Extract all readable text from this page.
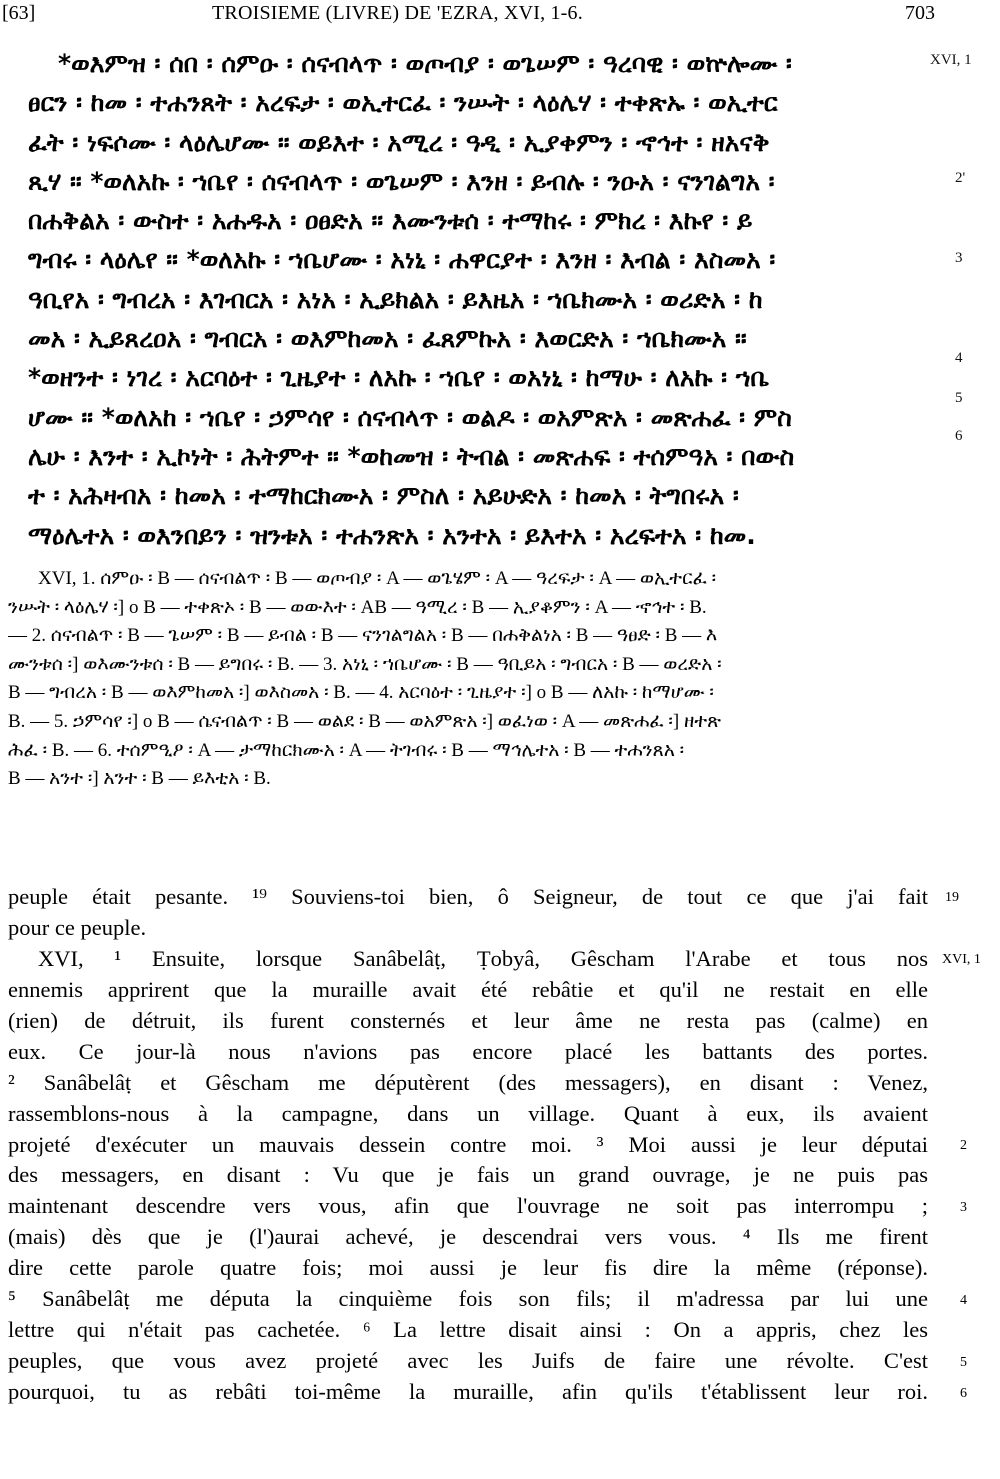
[63]	TROISIEME (LIVRE) DE 'EZRA, XVI, 1-6.	703
*ወእምዝ ፡ ሰበ ፡ ሰምዑ ፡ ሰናብላጥ ፡ ወጦብያ ፡ ወጌሠም ፡ ዓረባዊ ፡ ወኵሎሙ ፡
ፀርን ፡ ከመ ፡ ተሐንጸት ፡ አረፍታ ፡ ወኢተርፈ ፡ ንሡት ፡ ላዕሌሃ ፡ ተቀጽኡ ፡ ወኢተር
ፈት ፡ ነፍሶሙ ፡ ላዕሌሆሙ ። ወይእተ ፡ አሚረ ፡ ዓዲ ፡ ኢያቀምን ፡ ኆኅተ ፡ ዘአናቅ
ጺሃ ። *ወለአኩ ፡ ኀቤየ ፡ ሰናብላጥ ፡ ወጌሠም ፡ እንዘ ፡ ይብሉ ፡ ንዑአ ፡ ናንገልግአ ፡
በሐቅልአ ፡ ውስተ ፡ አሐዱአ ፡ ዐፀድአ ። እሙንቱሰ ፡ ተማከሩ ፡ ምክረ ፡ እኩየ ፡ ይ
ግብሩ ፡ ላዕሌየ ። *ወለአኩ ፡ ኀቤሆሙ ፡ አነኒ ፡ ሐዋርያተ ፡ እንዘ ፡ እብል ፡ እስመአ ፡
ዓቢየአ ፡ ግብረአ ፡ እገብርአ ፡ አነአ ፡ ኢይክልአ ፡ ይእዜአ ፡ ኀቤክሙአ ፡ ወሪድአ ፡ ከ
መአ ፡ ኢይጸረዐአ ፡ ግብርአ ፡ ወእምከመአ ፡ ፈጸምኩአ ፡ እወርድአ ፡ ኀቤክሙአ ።
*ወዘንተ ፡ ነገረ ፡ አርባዕተ ፡ ጊዜያተ ፡ ለአኩ ፡ ኀቤየ ፡ ወአነኒ ፡ ከማሁ ፡ ለአኩ ፡ ኀቤ
ሆሙ ። *ወለአከ ፡ ኀቤየ ፡ ኃምሳየ ፡ ሰናብላጥ ፡ ወልዶ ፡ ወአምጽአ ፡ መጽሐፈ ፡ ምስ
ሌሁ ፡ እንተ ፡ ኢኮነት ፡ ሕትምተ ። *ወከመዝ ፡ ትብል ፡ መጽሐፍ ፡ ተሰምዓአ ፡ በውስ
ተ ፡ አሕዛብአ ፡ ከመአ ፡ ተማከርክሙአ ፡ ምስለ ፡ አይሁድአ ፡ ከመአ ፡ ትግበሩአ ፡
ማዕሌተአ ፡ ወእንበይን ፡ ዝንቱአ ፡ ተሐንጽአ ፡ አንተአ ፡ ይእተአ ፡ አረፍተአ ፡ ከመ.
XVI, 1
2'
3
4
5
6
XVI, 1. ሰምዑ ፡ B — ሰናብልጥ ፡ B — ወጦብያ ፡ A — ወጌሄም ፡ A — ዓረፍታ ፡ A — ወኢተርፈ ፡
ንሡት ፡ ላዕሌሃ ፡] o B — ተቀጽኦ ፡ B — ወውእተ ፡ AB — ዓሚረ ፡ B — ኢያቆምን ፡ A — ኆኅተ ፡ B.
— 2. ሰናብልጥ ፡ B — ጌሠም ፡ B — ይብል ፡ B — ናንገልግልአ ፡ B — በሐቅልነአ ፡ B — ዓፀድ ፡ B — እ
ሙንቱሰ ፡] ወእሙንቱሰ ፡ B — ይግበሩ ፡ B. — 3. አነኒ ፡ ኀቤሆሙ ፡ B — ዓቢይአ ፡ ግብርአ ፡ B — ወረድአ ፡
B — ግብረአ ፡ B — ወእምከመአ ፡] ወእስመአ ፡ B. — 4. አርባዕተ ፡ ጊዜያተ ፡] o B — ለአኩ ፡ ከማሆሙ ፡
B. — 5. ኃምሳየ ፡] o B — ሴናብልጥ ፡ B — ወልደ ፡ B — ወአምጽአ ፡] ወፈነወ ፡ A — መጽሐፈ ፡] ዘተጽ
ሕፈ ፡ B. — 6. ተሰምዒዖ ፡ A — ታማከርክሙአ ፡ A — ትገብሩ ፡ B — ማኅሌተአ ፡ B — ተሐንጸአ ፡
B — አንተ ፡] አንተ ፡ B — ይእቲአ ፡ B.
peuple était pesante. ¹⁹ Souviens-toi bien, ô Seigneur, de tout ce que j'ai fait
pour ce peuple.
XVI, ¹ Ensuite, lorsque Sanâbelâṭ, Ṭobyâ, Gêscham l'Arabe et tous nos
ennemis apprirent que la muraille avait été rebâtie et qu'il ne restait en elle
(rien) de détruit, ils furent consternés et leur âme ne resta pas (calme) en
eux. Ce jour-là nous n'avions pas encore placé les battants des portes.
² Sanâbelâṭ et Gêscham me députèrent (des messagers), en disant : Venez,
rassemblons-nous à la campagne, dans un village. Quant à eux, ils avaient
projeté d'exécuter un mauvais dessein contre moi. ³ Moi aussi je leur députai
des messagers, en disant : Vu que je fais un grand ouvrage, je ne puis pas
maintenant descendre vers vous, afin que l'ouvrage ne soit pas interrompu ;
(mais) dès que je (l')aurai achevé, je descendrai vers vous. ⁴ Ils me firent
dire cette parole quatre fois; moi aussi je leur fis dire la même (réponse).
⁵ Sanâbelâṭ me députa la cinquième fois son fils; il m'adressa par lui une
lettre qui n'était pas cachetée. ⁶ La lettre disait ainsi : On a appris, chez les
peuples, que vous avez projeté avec les Juifs de faire une révolte. C'est
pourquoi, tu as rebâti toi-même la muraille, afin qu'ils t'établissent leur roi.
19
XVI, 1
2
3
4
5
6
